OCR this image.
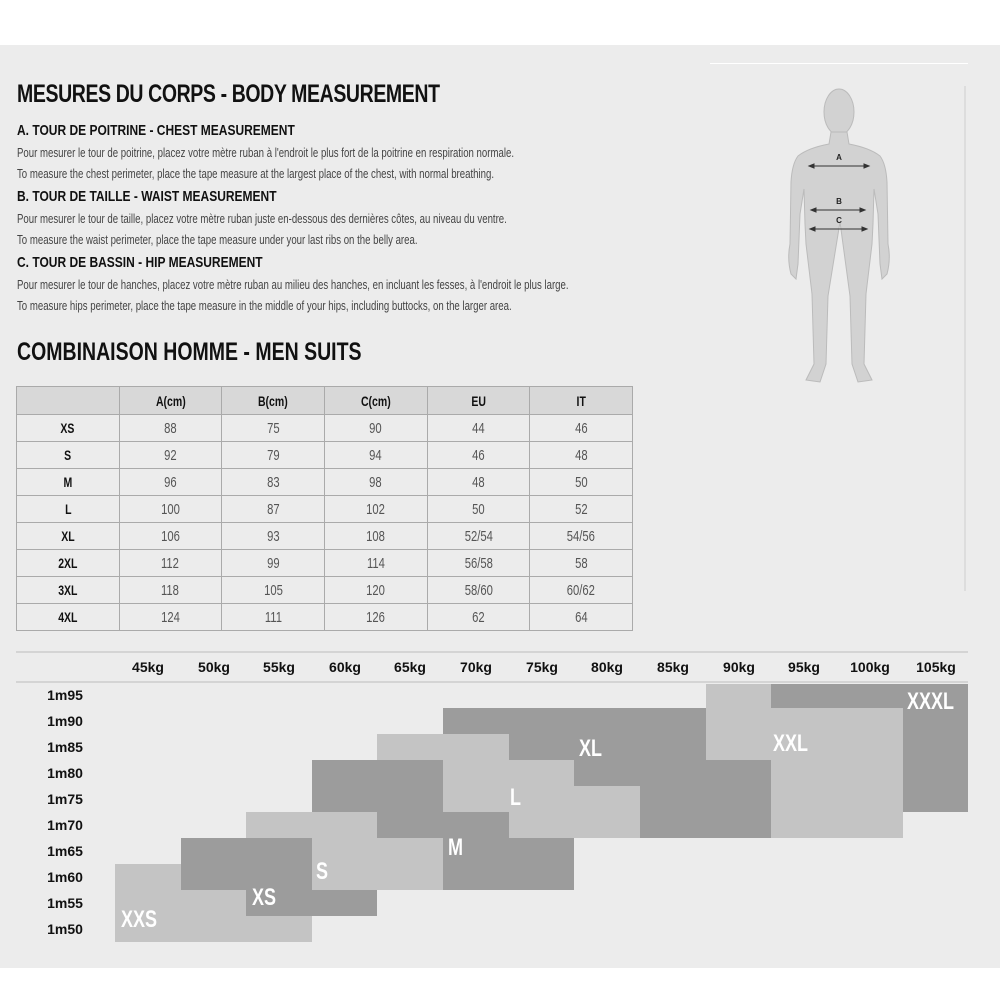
MESURES DU CORPS - BODY MEASUREMENT
A. TOUR DE POITRINE - CHEST MEASUREMENT
Pour mesurer le tour de poitrine, placez votre mètre ruban à l'endroit le plus fort de la poitrine en respiration normale.
To measure the chest perimeter, place the tape measure at the largest place of the chest, with normal breathing.
B. TOUR DE TAILLE - WAIST MEASUREMENT
Pour mesurer le tour de taille, placez votre mètre ruban juste en-dessous des dernières côtes, au niveau du ventre.
To measure the waist perimeter, place the tape measure under your last ribs on the belly area.
C. TOUR DE BASSIN - HIP MEASUREMENT
Pour mesurer le tour de hanches, placez votre mètre ruban au milieu des hanches, en incluant les fesses, à l'endroit le plus large.
To measure hips perimeter, place the tape measure in the middle of your hips, including buttocks, on the larger area.
A
B
C
COMBINAISON HOMME - MEN SUITS
	A(cm)	B(cm)	C(cm)	EU	IT
XS	88	75	90	44	46
S	92	79	94	46	48
M	96	83	98	48	50
L	100	87	102	50	52
XL	106	93	108	52/54	54/56
2XL	112	99	114	56/58	58
3XL	118	105	120	58/60	60/62
4XL	124	111	126	62	64
45kg	50kg	55kg	60kg	65kg	70kg	75kg	80kg	85kg	90kg	95kg	100kg	105kg
1m95
1m90
1m85
1m80
1m75
1m70
1m65
1m60
1m55
1m50 XXS
XS
S
M
L
XL	XXL
XXXL
